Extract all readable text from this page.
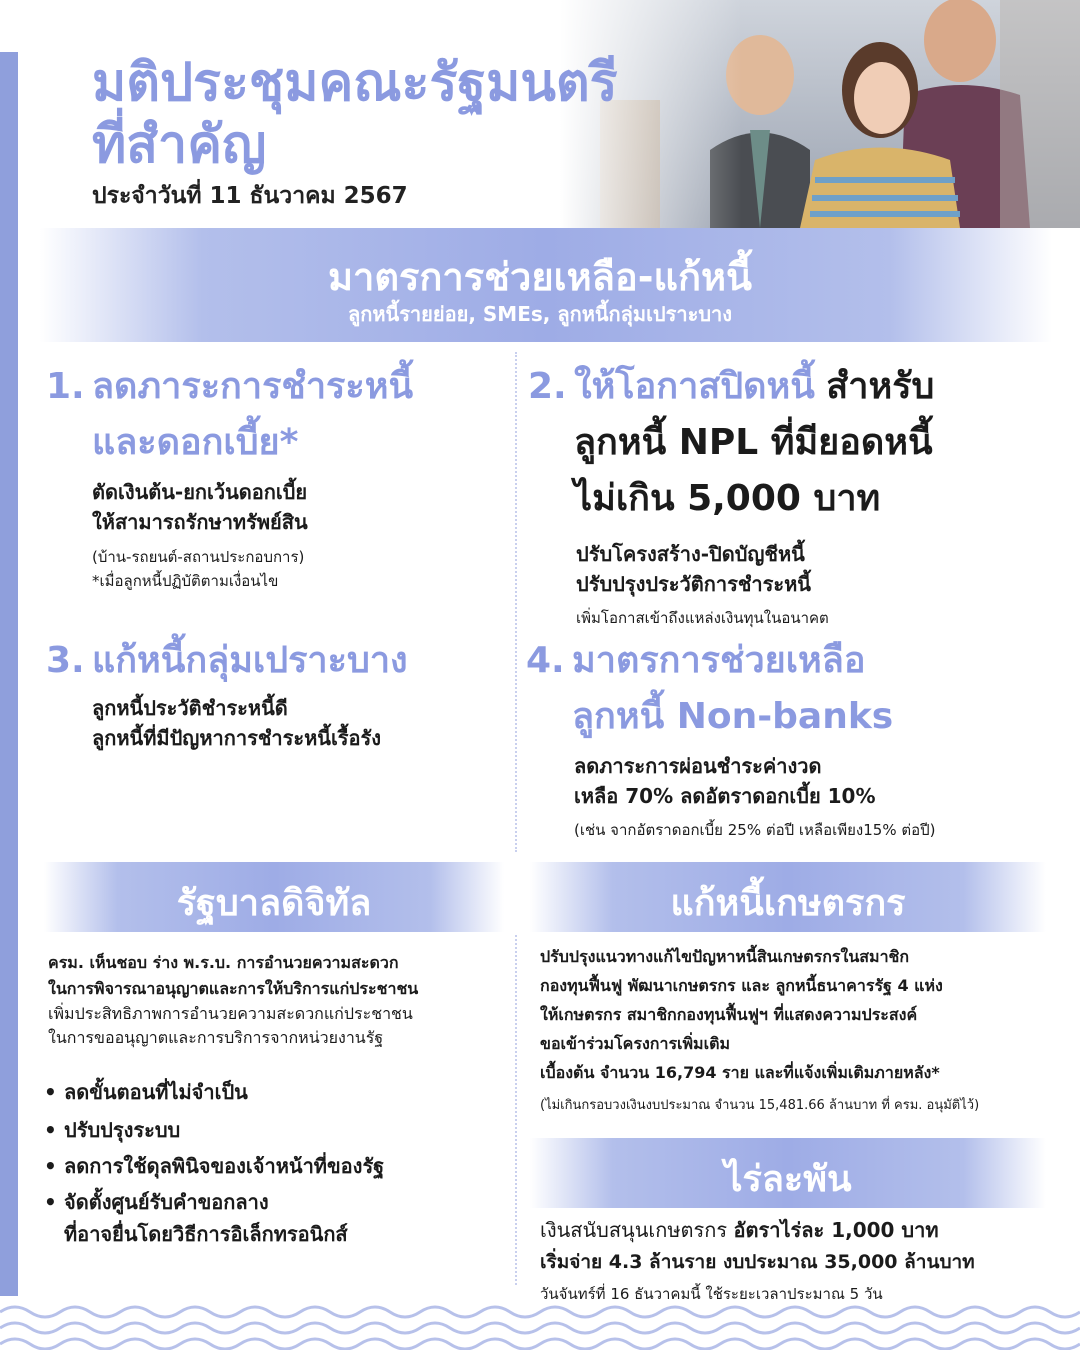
มติประชุมคณะรัฐมนตรี
ที่สำคัญ
ประจำวันที่ 11 ธันวาคม 2567
มาตรการช่วยเหลือ-แก้หนี้
ลูกหนี้รายย่อย, SMEs, ลูกหนี้กลุ่มเปราะบาง
1. ลดภาระการชำระหนี้
และดอกเบี้ย*
ตัดเงินต้น-ยกเว้นดอกเบี้ย
ให้สามารถรักษาทรัพย์สิน
(บ้าน-รถยนต์-สถานประกอบการ)
*เมื่อลูกหนี้ปฏิบัติตามเงื่อนไข
2. ให้โอกาสปิดหนี้ สำหรับ
ลูกหนี้ NPL ที่มียอดหนี้
ไม่เกิน 5,000 บาท
ปรับโครงสร้าง-ปิดบัญชีหนี้
ปรับปรุงประวัติการชำระหนี้
เพิ่มโอกาสเข้าถึงแหล่งเงินทุนในอนาคต
3. แก้หนี้กลุ่มเปราะบาง
ลูกหนี้ประวัติชำระหนี้ดี
ลูกหนี้ที่มีปัญหาการชำระหนี้เรื้อรัง
4. มาตรการช่วยเหลือ
ลูกหนี้ Non-banks
ลดภาระการผ่อนชำระค่างวด
เหลือ 70% ลดอัตราดอกเบี้ย 10%
(เช่น จากอัตราดอกเบี้ย 25% ต่อปี เหลือเพียง15% ต่อปี)
รัฐบาลดิจิทัล	แก้หนี้เกษตรกร
ครม. เห็นชอบ ร่าง พ.ร.บ. การอำนวยความสะดวก
ในการพิจารณาอนุญาตและการให้บริการแก่ประชาชน
เพิ่มประสิทธิภาพการอำนวยความสะดวกแก่ประชาชน
ในการขออนุญาตและการบริการจากหน่วยงานรัฐ
• ลดขั้นตอนที่ไม่จำเป็น
• ปรับปรุงระบบ
• ลดการใช้ดุลพินิจของเจ้าหน้าที่ของรัฐ
• จัดตั้งศูนย์รับคำขอกลาง
ที่อาจยื่นโดยวิธีการอิเล็กทรอนิกส์
ปรับปรุงแนวทางแก้ไขปัญหาหนี้สินเกษตรกรในสมาชิก
กองทุนฟื้นฟู พัฒนาเกษตรกร และ ลูกหนี้ธนาคารรัฐ 4 แห่ง
ให้เกษตรกร สมาชิกกองทุนฟื้นฟูฯ ที่แสดงความประสงค์
ขอเข้าร่วมโครงการเพิ่มเติม
เบื้องต้น จำนวน 16,794 ราย และที่แจ้งเพิ่มเติมภายหลัง*
(ไม่เกินกรอบวงเงินงบประมาณ จำนวน 15,481.66 ล้านบาท ที่ ครม. อนุมัติไว้)
ไร่ละพัน
เงินสนับสนุนเกษตรกร อัตราไร่ละ 1,000 บาท
เริ่มจ่าย 4.3 ล้านราย งบประมาณ 35,000 ล้านบาท
วันจันทร์ที่ 16 ธันวาคมนี้ ใช้ระยะเวลาประมาณ 5 วัน
